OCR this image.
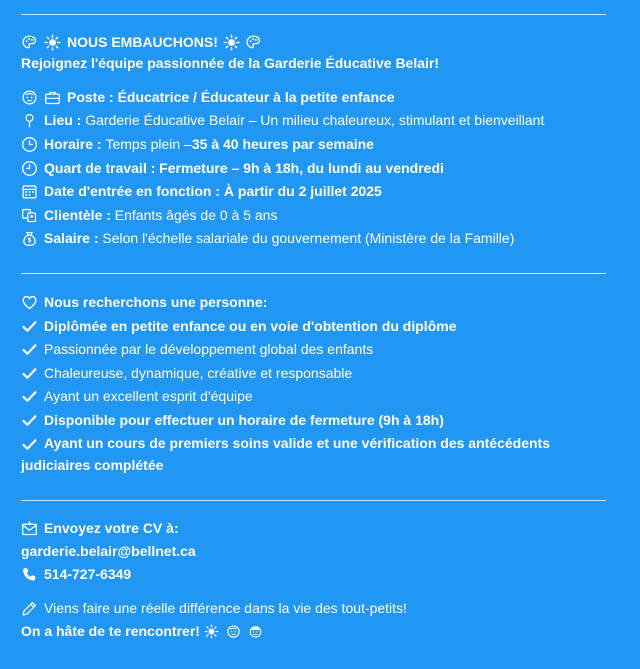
NOUS EMBAUCHONS!
Rejoignez l'équipe passionnée de la Garderie Éducative Belair!
Poste :
Éducatrice / Éducateur à la petite enfance
Lieu :
Garderie Éducative Belair – Un milieu chaleureux, stimulant et bienveillant
Horaire :
Temps plein – 35 à 40 heures par semaine
Quart de travail :
Fermeture – 9h à 18h, du lundi au vendredi
Date d'entrée en fonction :
À partir du 2 juillet 2025
Clientèle :
Enfants âgés de 0 à 5 ans
Salaire :
Selon l'échelle salariale du gouvernement (Ministère de la Famille)
Nous recherchons une personne:
Diplômée en petite enfance ou en voie d'obtention du diplôme
Passionnée par le développement global des enfants
Chaleureuse, dynamique, créative et responsable
Ayant un excellent esprit d'équipe
Disponible pour effectuer un horaire de fermeture (9h à 18h)
Ayant un cours de premiers soins valide et une vérification des antécédents judiciaires complétée
Envoyez votre CV à:
garderie.belair@bellnet.ca
514-727-6349
Viens faire une réelle différence dans la vie des tout-petits!
On a hâte de te rencontrer!
